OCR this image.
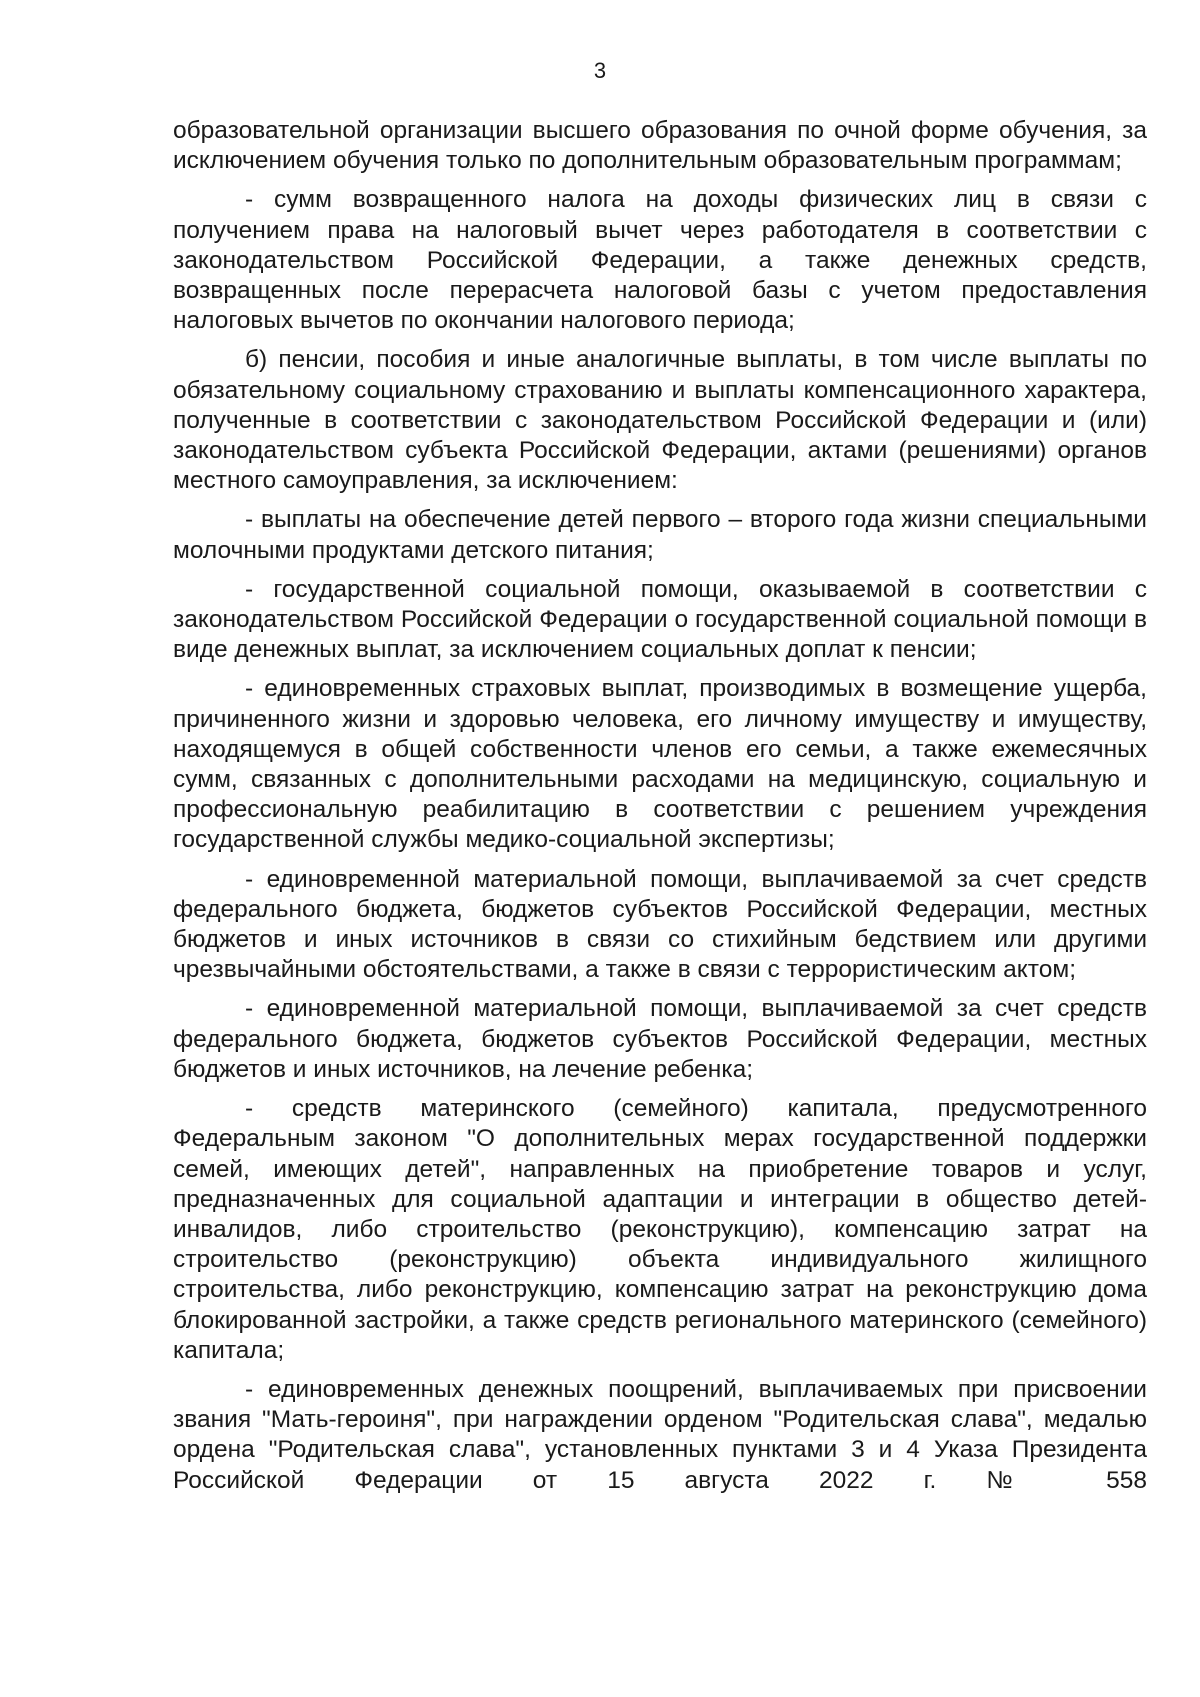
3

образовательной организации высшего образования по очной форме обучения, за исключением обучения только по дополнительным образовательным программам;

- сумм возвращенного налога на доходы физических лиц в связи с получением права на налоговый вычет через работодателя в соответствии с законодательством Российской Федерации, а также денежных средств, возвращенных после перерасчета налоговой базы с учетом предоставления налоговых вычетов по окончании налогового периода;

б) пенсии, пособия и иные аналогичные выплаты, в том числе выплаты по обязательному социальному страхованию и выплаты компенсационного характера, полученные в соответствии с законодательством Российской Федерации и (или) законодательством субъекта Российской Федерации, актами (решениями) органов местного самоуправления, за исключением:

- выплаты на обеспечение детей первого – второго года жизни специальными молочными продуктами детского питания;

- государственной социальной помощи, оказываемой в соответствии с законодательством Российской Федерации о государственной социальной помощи в виде денежных выплат, за исключением социальных доплат к пенсии;

- единовременных страховых выплат, производимых в возмещение ущерба, причиненного жизни и здоровью человека, его личному имуществу и имуществу, находящемуся в общей собственности членов его семьи, а также ежемесячных сумм, связанных с дополнительными расходами на медицинскую, социальную и профессиональную реабилитацию в соответствии с решением учреждения государственной службы медико-социальной экспертизы;

- единовременной материальной помощи, выплачиваемой за счет средств федерального бюджета, бюджетов субъектов Российской Федерации, местных бюджетов и иных источников в связи со стихийным бедствием или другими чрезвычайными обстоятельствами, а также в связи с террористическим актом;

- единовременной материальной помощи, выплачиваемой за счет средств федерального бюджета, бюджетов субъектов Российской Федерации, местных бюджетов и иных источников, на лечение ребенка;

- средств материнского (семейного) капитала, предусмотренного Федеральным законом "О дополнительных мерах государственной поддержки семей, имеющих детей", направленных на приобретение товаров и услуг, предназначенных для социальной адаптации и интеграции в общество детей-инвалидов, либо строительство (реконструкцию), компенсацию затрат на строительство (реконструкцию) объекта индивидуального жилищного строительства, либо реконструкцию, компенсацию затрат на реконструкцию дома блокированной застройки, а также средств регионального материнского (семейного) капитала;

- единовременных денежных поощрений, выплачиваемых при присвоении звания "Мать-героиня", при награждении орденом "Родительская слава", медалью ордена "Родительская слава", установленных пунктами 3 и 4 Указа Президента Российской Федерации от 15 августа 2022 г. № 558
